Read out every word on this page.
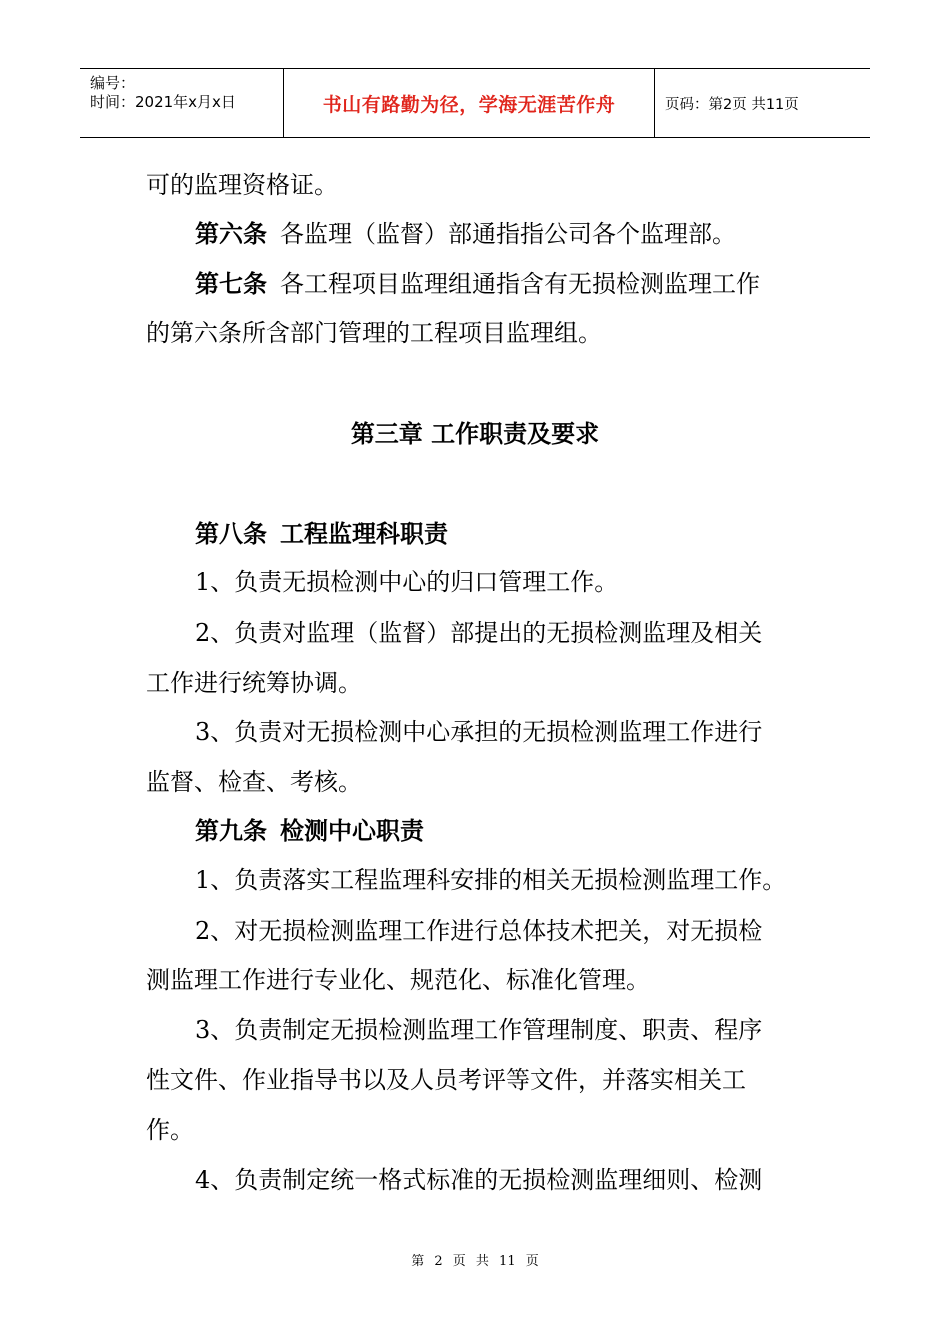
编号：
时间：2021年x月x日	书山有路勤为径，学海无涯苦作舟	页码：第2页 共11页
可的监理资格证。
第六条 各监理（监督）部通指指公司各个监理部。
第七条 各工程项目监理组通指含有无损检测监理工作
的第六条所含部门管理的工程项目监理组。
第三章 工作职责及要求
第八条 工程监理科职责
1、负责无损检测中心的归口管理工作。
2、负责对监理（监督）部提出的无损检测监理及相关
工作进行统筹协调。
3、负责对无损检测中心承担的无损检测监理工作进行
监督、检查、考核。
第九条 检测中心职责
1、负责落实工程监理科安排的相关无损检测监理工作。
2、对无损检测监理工作进行总体技术把关，对无损检
测监理工作进行专业化、规范化、标准化管理。
3、负责制定无损检测监理工作管理制度、职责、程序
性文件、作业指导书以及人员考评等文件，并落实相关工
作。
4、负责制定统一格式标准的无损检测监理细则、检测
第 2 页 共 11 页
